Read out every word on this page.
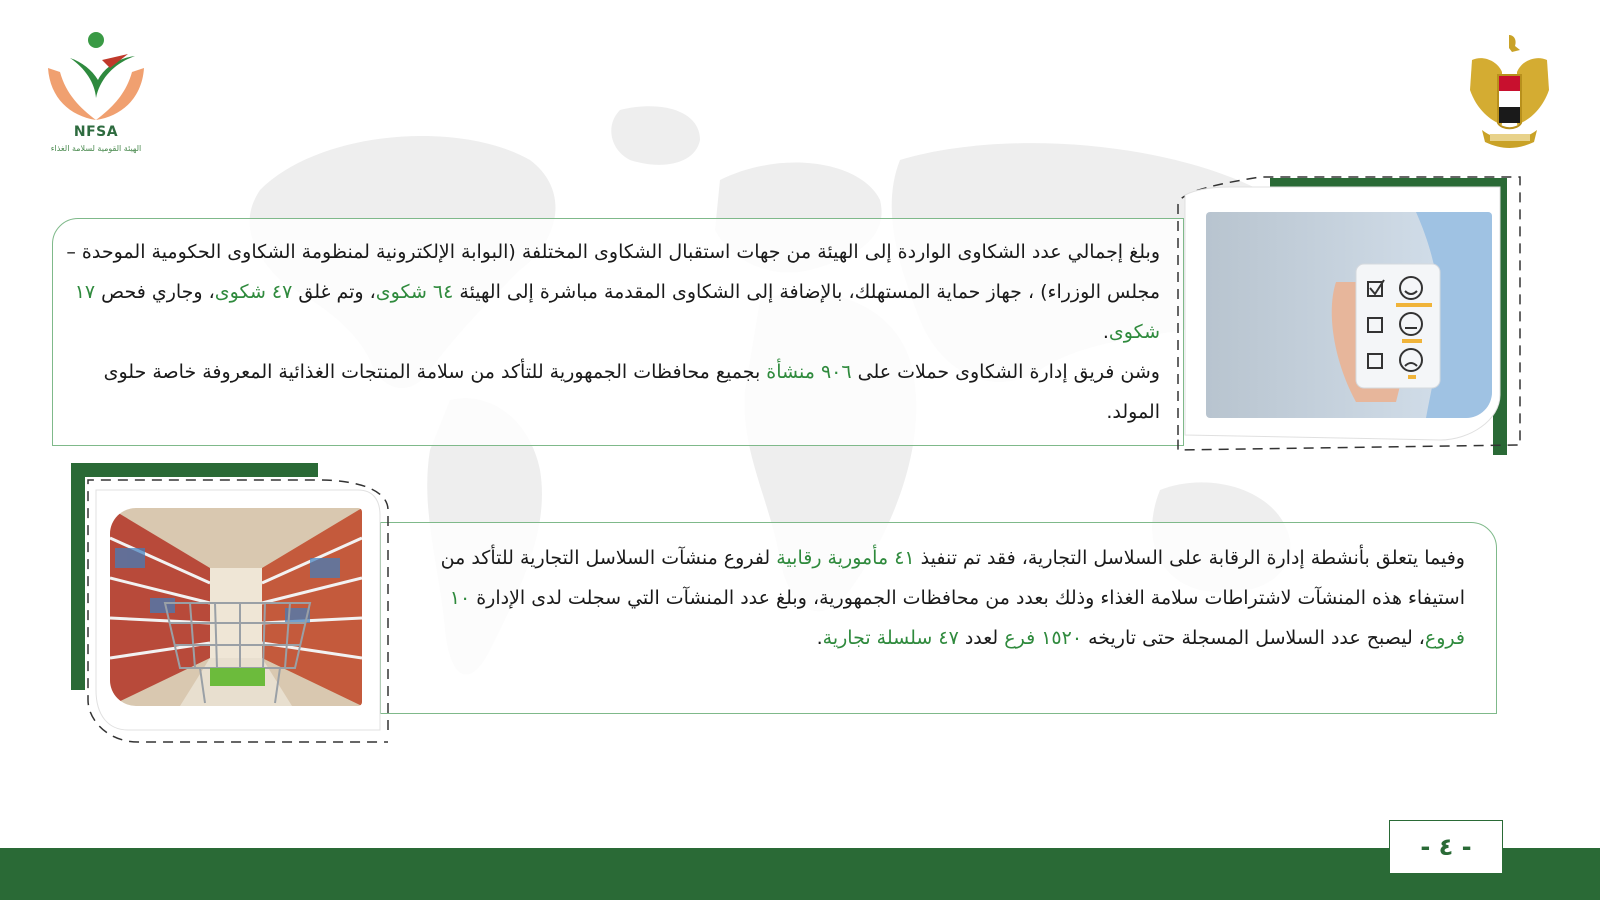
NFSA
الهيئة القومية لسلامة الغذاء

وبلغ إجمالي عدد الشكاوى الواردة إلى الهيئة من جهات استقبال الشكاوى المختلفة (البوابة الإلكترونية لمنظومة الشكاوى الحكومية الموحدة – مجلس الوزراء) ، جهاز حماية المستهلك، بالإضافة إلى الشكاوى المقدمة مباشرة إلى الهيئة ٦٤ شكوى، وتم غلق ٤٧ شكوى، وجاري فحص ١٧ شكوى.

وشن فريق إدارة الشكاوى حملات على ٩٠٦ منشأة بجميع محافظات الجمهورية للتأكد من سلامة المنتجات الغذائية المعروفة خاصة حلوى المولد.

وفيما يتعلق بأنشطة إدارة الرقابة على السلاسل التجارية، فقد تم تنفيذ ٤١ مأمورية رقابية لفروع منشآت السلاسل التجارية للتأكد من استيفاء هذه المنشآت لاشتراطات سلامة الغذاء وذلك بعدد من محافظات الجمهورية، وبلغ عدد المنشآت التي سجلت لدى الإدارة ١٠ فروع، ليصبح عدد السلاسل المسجلة حتى تاريخه ١٥٢٠ فرع لعدد ٤٧ سلسلة تجارية.

- ٤ -
